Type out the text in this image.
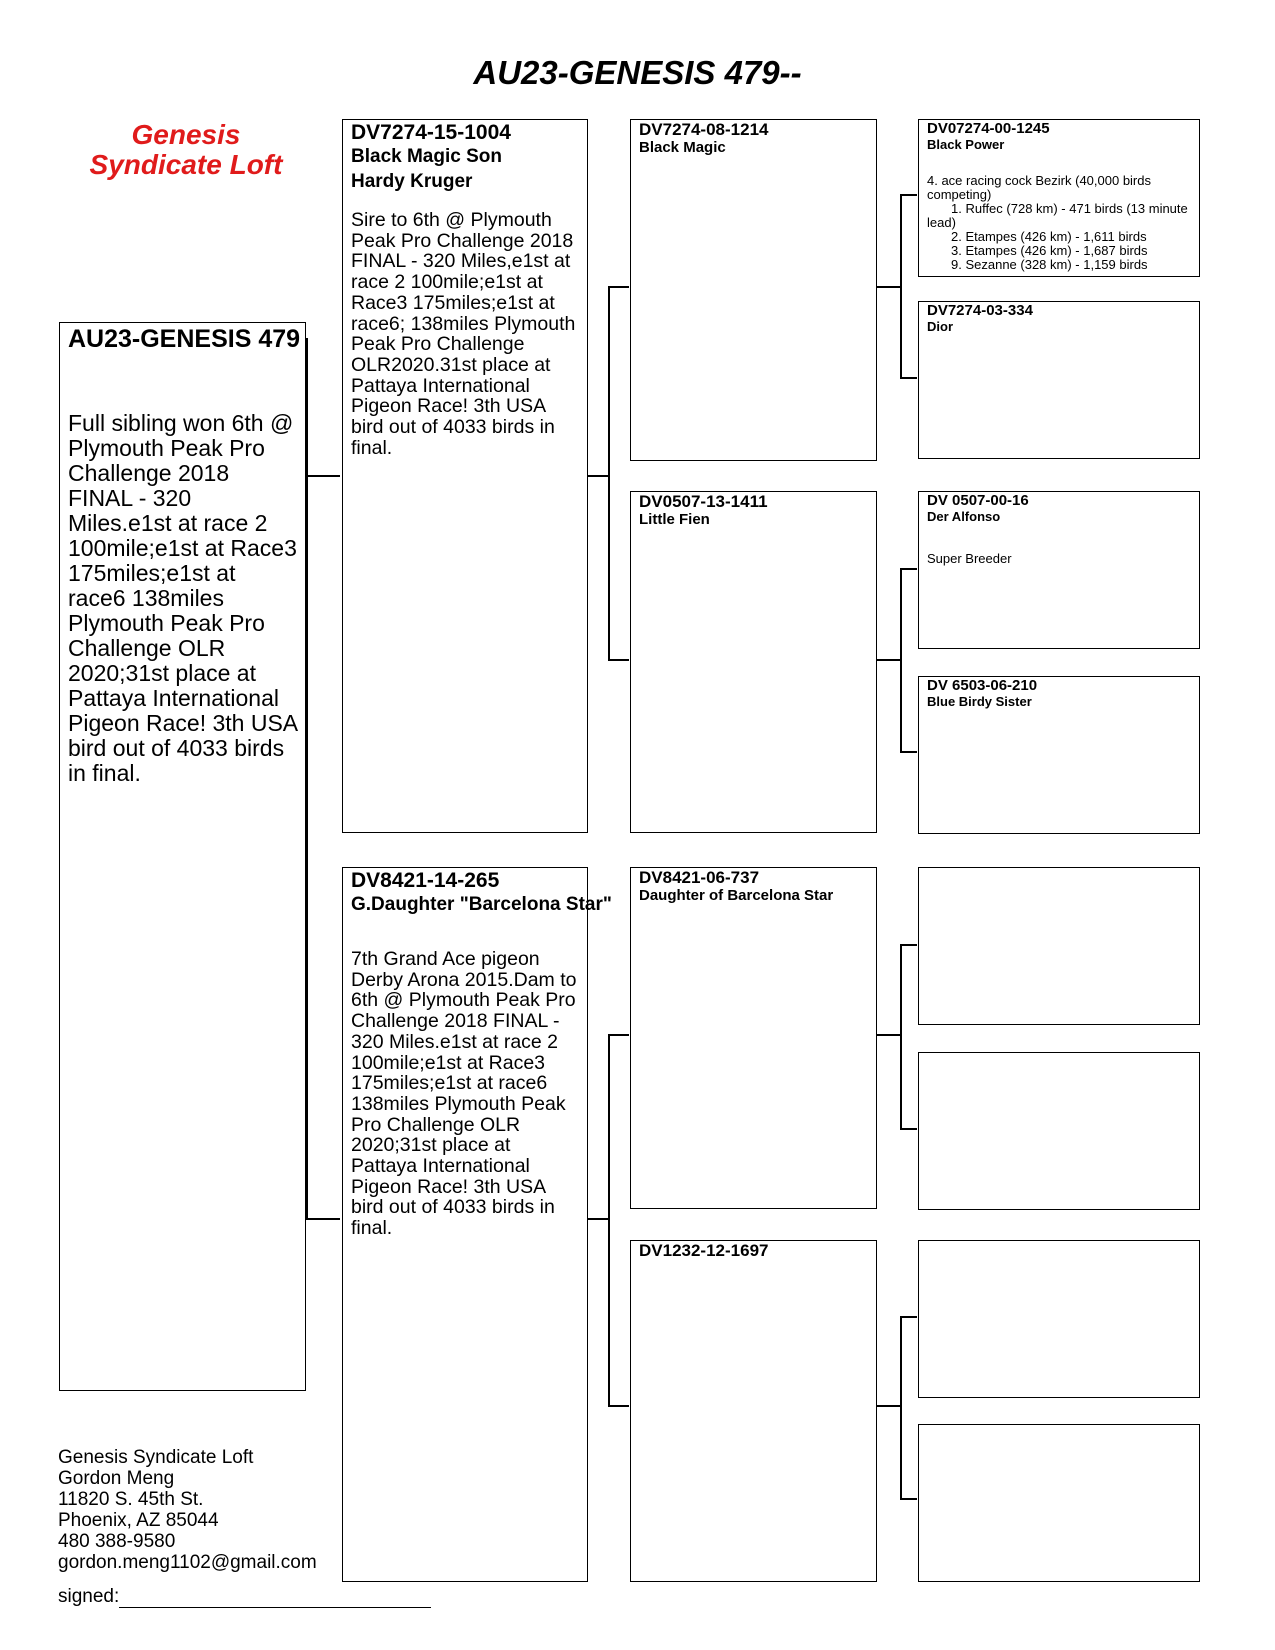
AU23-GENESIS 479--
Genesis
Syndicate Loft
AU23-GENESIS 479
Full sibling won 6th @ Plymouth Peak Pro Challenge 2018 FINAL - 320 Miles.e1st at race 2 100mile;e1st at Race3 175miles;e1st at race6 138miles Plymouth Peak Pro Challenge OLR 2020;31st place at Pattaya International Pigeon Race! 3th USA bird out of 4033 birds in final.
DV7274-15-1004
Black Magic Son
Hardy Kruger
Sire to 6th @ Plymouth Peak Pro Challenge 2018 FINAL - 320 Miles,e1st at race 2 100mile;e1st at Race3 175miles;e1st at race6; 138miles Plymouth Peak Pro Challenge OLR2020.31st place at Pattaya International Pigeon Race! 3th USA bird out of 4033 birds in final.
DV8421-14-265
G.Daughter "Barcelona Star"
7th Grand Ace pigeon Derby Arona 2015.Dam to 6th @ Plymouth Peak Pro Challenge 2018 FINAL - 320 Miles.e1st at race 2 100mile;e1st at Race3 175miles;e1st at race6 138miles Plymouth Peak Pro Challenge OLR 2020;31st place at Pattaya International Pigeon Race! 3th USA bird out of 4033 birds in final.
DV7274-08-1214
Black Magic
DV0507-13-1411
Little Fien
DV8421-06-737
Daughter of Barcelona Star
DV1232-12-1697
DV07274-00-1245
Black Power
4. ace racing cock Bezirk (40,000 birds competing)
1. Ruffec (728 km) - 471 birds (13 minute lead)
2. Etampes (426 km) - 1,611 birds
3. Etampes (426 km) - 1,687 birds
9. Sezanne (328 km) - 1,159 birds
DV7274-03-334
Dior
DV 0507-00-16
Der Alfonso
Super Breeder
DV 6503-06-210
Blue Birdy Sister
Genesis Syndicate Loft
Gordon Meng
11820 S. 45th St.
Phoenix, AZ 85044
480 388-9580
gordon.meng1102@gmail.com
signed:
